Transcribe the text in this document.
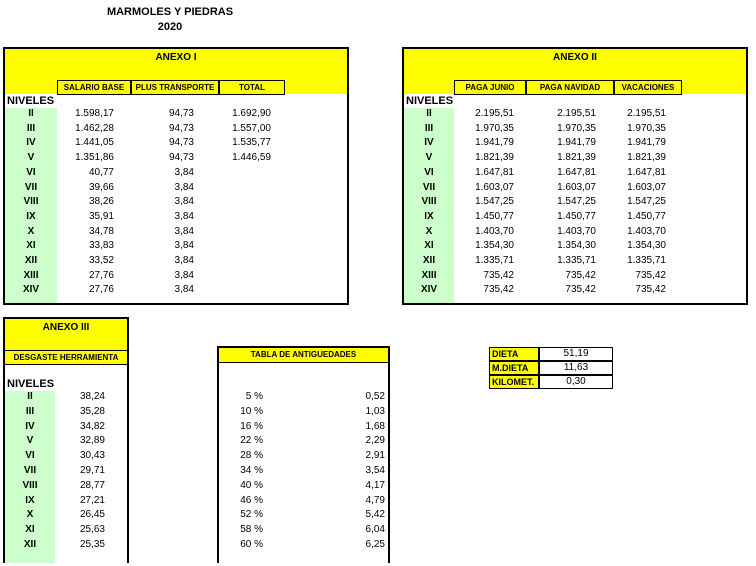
MARMOLES Y PIEDRAS
2020
ANEXO I
SALARIO BASE	PLUS TRANSPORTE	TOTAL
NIVELES
II	1.598,17	94,73	1.692,90
III	1.462,28	94,73	1.557,00
IV	1.441,05	94,73	1.535,77
V	1.351,86	94,73	1.446,59
VI	40,77	3,84
VII	39,66	3,84
VIII	38,26	3,84
IX	35,91	3,84
X	34,78	3,84
XI	33,83	3,84
XII	33,52	3,84
XIII	27,76	3,84
XIV	27,76	3,84
ANEXO II
PAGA JUNIO	PAGA NAVIDAD	VACACIONES
NIVELES
II	2.195,51	2.195,51	2.195,51
III	1.970,35	1.970,35	1.970,35
IV	1.941,79	1.941,79	1.941,79
V	1.821,39	1.821,39	1.821,39
VI	1.647,81	1.647,81	1.647,81
VII	1.603,07	1.603,07	1.603,07
VIII	1.547,25	1.547,25	1.547,25
IX	1.450,77	1.450,77	1.450,77
X	1.403,70	1.403,70	1.403,70
XI	1.354,30	1.354,30	1.354,30
XII	1.335,71	1.335,71	1.335,71
XIII	735,42	735,42	735,42
XIV	735,42	735,42	735,42
ANEXO III
DESGASTE HERRAMIENTA
NIVELES
II	38,24
III	35,28
IV	34,82
V	32,89
VI	30,43
VII	29,71
VIII	28,77
IX	27,21
X	26,45
XI	25,63
XII	25,35
TABLA DE ANTIGUEDADES
5 %	0,52
10 %	1,03
16 %	1,68
22 %	2,29
28 %	2,91
34 %	3,54
40 %	4,17
46 %	4,79
52 %	5,42
58 %	6,04
60 %	6,25
DIETA	51,19
M.DIETA	11,63
KILOMET.	0,30
